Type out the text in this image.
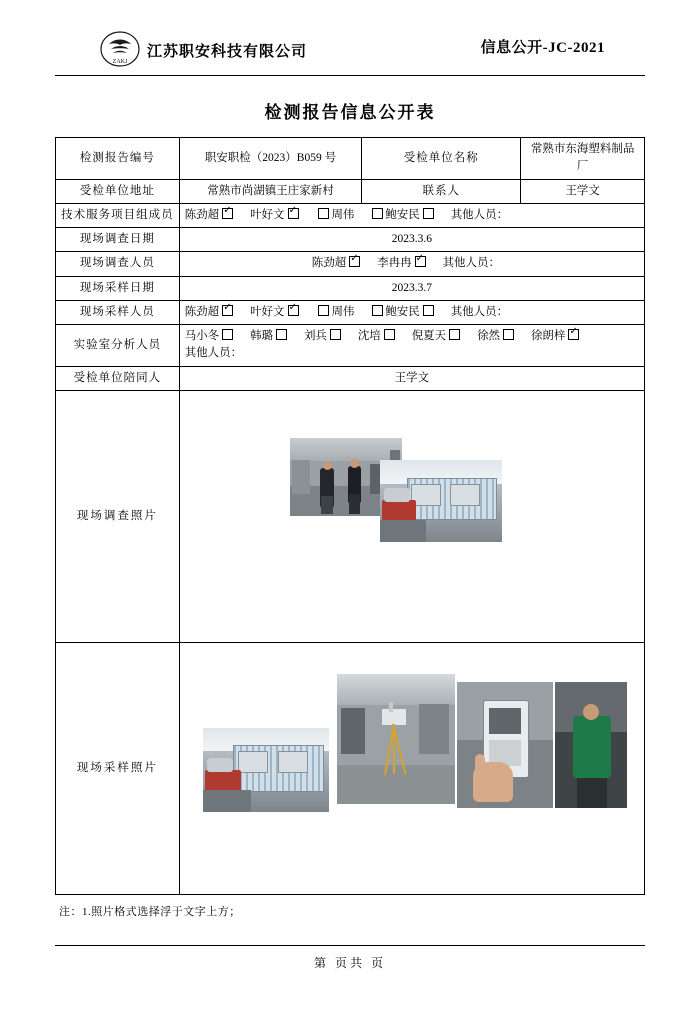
ZAKJ
江苏职安科技有限公司	信息公开-JC-2021
检测报告信息公开表
检测报告编号	职安职检（2023）B059 号	受检单位名称	常熟市东海塑料制品厂
受检单位地址	常熟市尚湖镇王庄家新村	联系人	王学文
技术服务项目组成员	陈劲超 ✓ 叶好文 ✓ 周伟 鲍安民 其他人员：
现场调查日期	2023.3.6		
现场调查人员	陈劲超 ✓ 李冉冉 ✓ 其他人员：
现场采样日期	2023.3.7		
现场采样人员	陈劲超 ✓ 叶好文 ✓ 周伟 鲍安民 其他人员：
实验室分析人员	马小冬 韩璐 刘兵 沈培 倪夏天 徐然 徐朗梓✓
其他人员：

受检单位陪同人	王学文		
现场调查照片			

现场采样照片			
注：1.照片格式选择浮于文字上方；
第 页共 页
